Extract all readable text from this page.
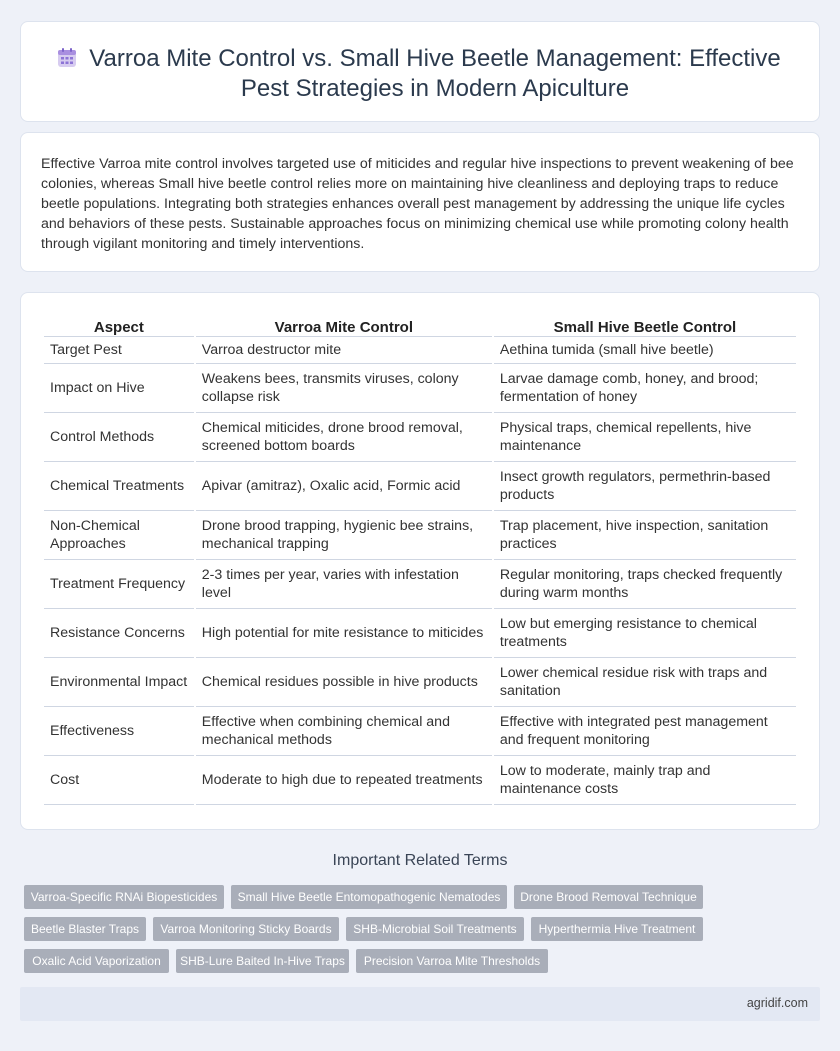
Varroa Mite Control vs. Small Hive Beetle Management: Effective Pest Strategies in Modern Apiculture

Effective Varroa mite control involves targeted use of miticides and regular hive inspections to prevent weakening of bee colonies, whereas Small hive beetle control relies more on maintaining hive cleanliness and deploying traps to reduce beetle populations. Integrating both strategies enhances overall pest management by addressing the unique life cycles and behaviors of these pests. Sustainable approaches focus on minimizing chemical use while promoting colony health through vigilant monitoring and timely interventions.

Aspect	Varroa Mite Control	Small Hive Beetle Control
Target Pest	Varroa destructor mite	Aethina tumida (small hive beetle)
Impact on Hive	Weakens bees, transmits viruses, colony collapse risk	Larvae damage comb, honey, and brood; fermentation of honey
Control Methods	Chemical miticides, drone brood removal, screened bottom boards	Physical traps, chemical repellents, hive maintenance
Chemical Treatments	Apivar (amitraz), Oxalic acid, Formic acid	Insect growth regulators, permethrin-based products
Non-Chemical Approaches	Drone brood trapping, hygienic bee strains, mechanical trapping	Trap placement, hive inspection, sanitation practices
Treatment Frequency	2-3 times per year, varies with infestation level	Regular monitoring, traps checked frequently during warm months
Resistance Concerns	High potential for mite resistance to miticides	Low but emerging resistance to chemical treatments
Environmental Impact	Chemical residues possible in hive products	Lower chemical residue risk with traps and sanitation
Effectiveness	Effective when combining chemical and mechanical methods	Effective with integrated pest management and frequent monitoring
Cost	Moderate to high due to repeated treatments	Low to moderate, mainly trap and maintenance costs
Important Related Terms
Varroa-Specific RNAi Biopesticides	Small Hive Beetle Entomopathogenic Nematodes	Drone Brood Removal Technique
Beetle Blaster Traps	Varroa Monitoring Sticky Boards	SHB-Microbial Soil Treatments	Hyperthermia Hive Treatment
Oxalic Acid Vaporization	SHB-Lure Baited In-Hive Traps	Precision Varroa Mite Thresholds
agridif.com
